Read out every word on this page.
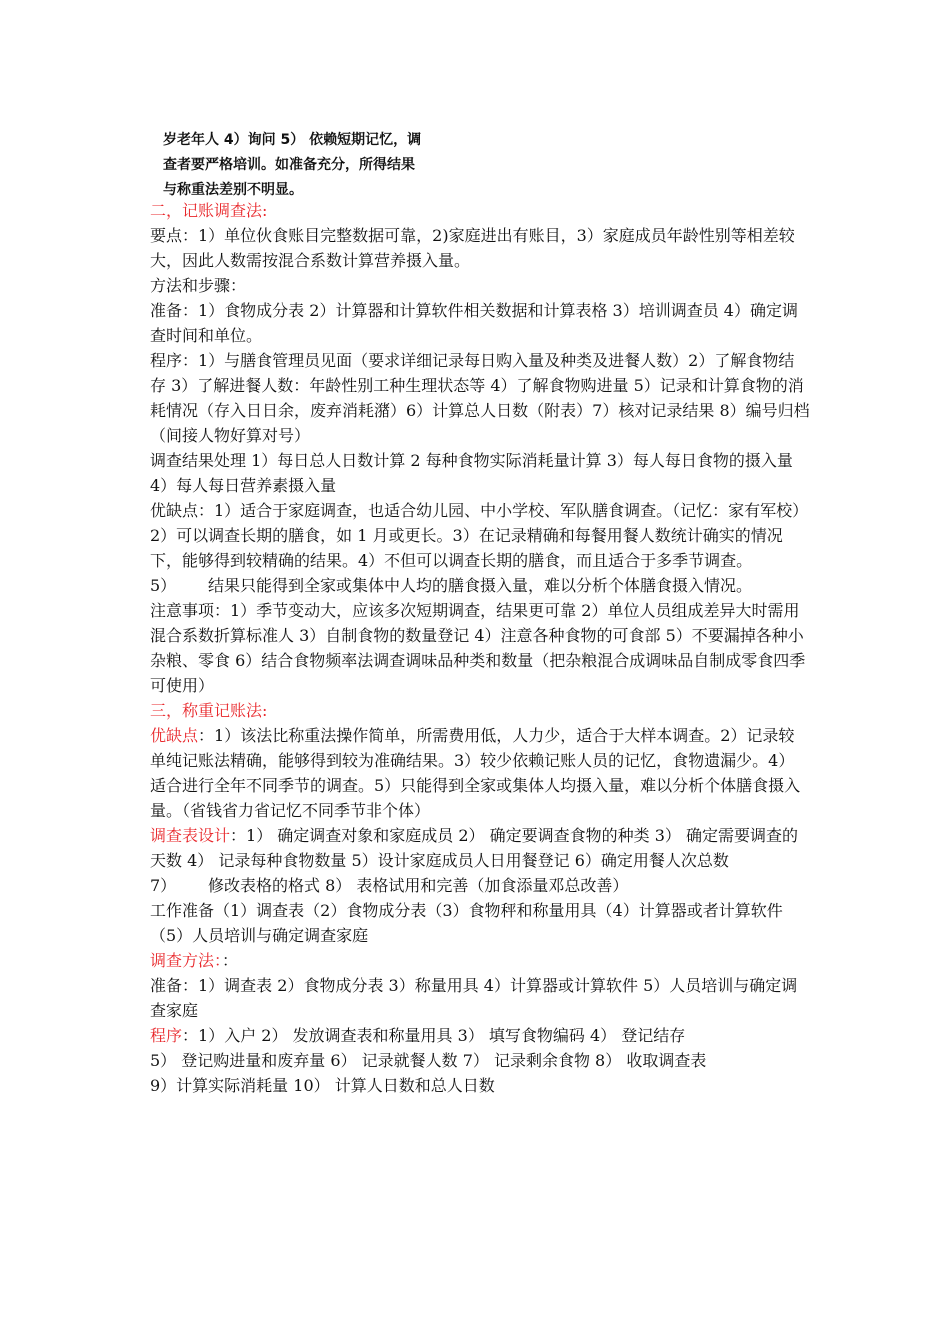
岁老年人 4）询问 5） 依赖短期记忆，调
查者要严格培训。如准备充分，所得结果
与称重法差别不明显。
二，记账调查法:
要点：1）单位伙食账目完整数据可靠，2)家庭进出有账目，3）家庭成员年龄性别等相差较大，因此人数需按混合系数计算营养摄入量。
方法和步骤：
准备：1）食物成分表 2）计算器和计算软件相关数据和计算表格 3）培训调查员 4）确定调查时间和单位。
程序：1）与膳食管理员见面（要求详细记录每日购入量及种类及进餐人数）2）了解食物结存 3）了解进餐人数：年龄性别工种生理状态等 4）了解食物购进量 5）记录和计算食物的消耗情况（存入日日余，废弃消耗潴）6）计算总人日数（附表）7）核对记录结果 8）编号归档（间接人物好算对号）
调查结果处理 1）每日总人日数计算 2 每种食物实际消耗量计算 3）每人每日食物的摄入量 4）每人每日营养素摄入量
优缺点：1）适合于家庭调查，也适合幼儿园、中小学校、军队膳食调查。（记忆：家有军校）2）可以调查长期的膳食，如 1 月或更长。3）在记录精确和每餐用餐人数统计确实的情况下，能够得到较精确的结果。4）不但可以调查长期的膳食，而且适合于多季节调查。
5） 结果只能得到全家或集体中人均的膳食摄入量，难以分析个体膳食摄入情况。
注意事项：1）季节变动大，应该多次短期调查，结果更可靠 2）单位人员组成差异大时需用混合系数折算标准人 3）自制食物的数量登记 4）注意各种食物的可食部 5）不要漏掉各种小杂粮、零食 6）结合食物频率法调查调味品种类和数量（把杂粮混合成调味品自制成零食四季可使用）
三，称重记账法:
优缺点：1）该法比称重法操作简单，所需费用低，人力少，适合于大样本调查。2）记录较单纯记账法精确，能够得到较为准确结果。3）较少依赖记账人员的记忆，食物遗漏少。4）适合进行全年不同季节的调查。5）只能得到全家或集体人均摄入量，难以分析个体膳食摄入量。（省钱省力省记忆不同季节非个体）
调查表设计：1） 确定调查对象和家庭成员 2） 确定要调查食物的种类 3） 确定需要调查的天数 4） 记录每种食物数量 5）设计家庭成员人日用餐登记 6）确定用餐人次总数
7） 修改表格的格式 8） 表格试用和完善（加食添量邓总改善）
工作准备（1）调查表（2）食物成分表（3）食物秤和称量用具（4）计算器或者计算软件
（5）人员培训与确定调查家庭
调查方法：：
准备：1）调查表 2）食物成分表 3）称量用具 4）计算器或计算软件 5）人员培训与确定调查家庭
程序：1）入户 2） 发放调查表和称量用具 3） 填写食物编码 4） 登记结存
5） 登记购进量和废弃量 6） 记录就餐人数 7） 记录剩余食物 8） 收取调查表
9）计算实际消耗量 10） 计算人日数和总人日数
